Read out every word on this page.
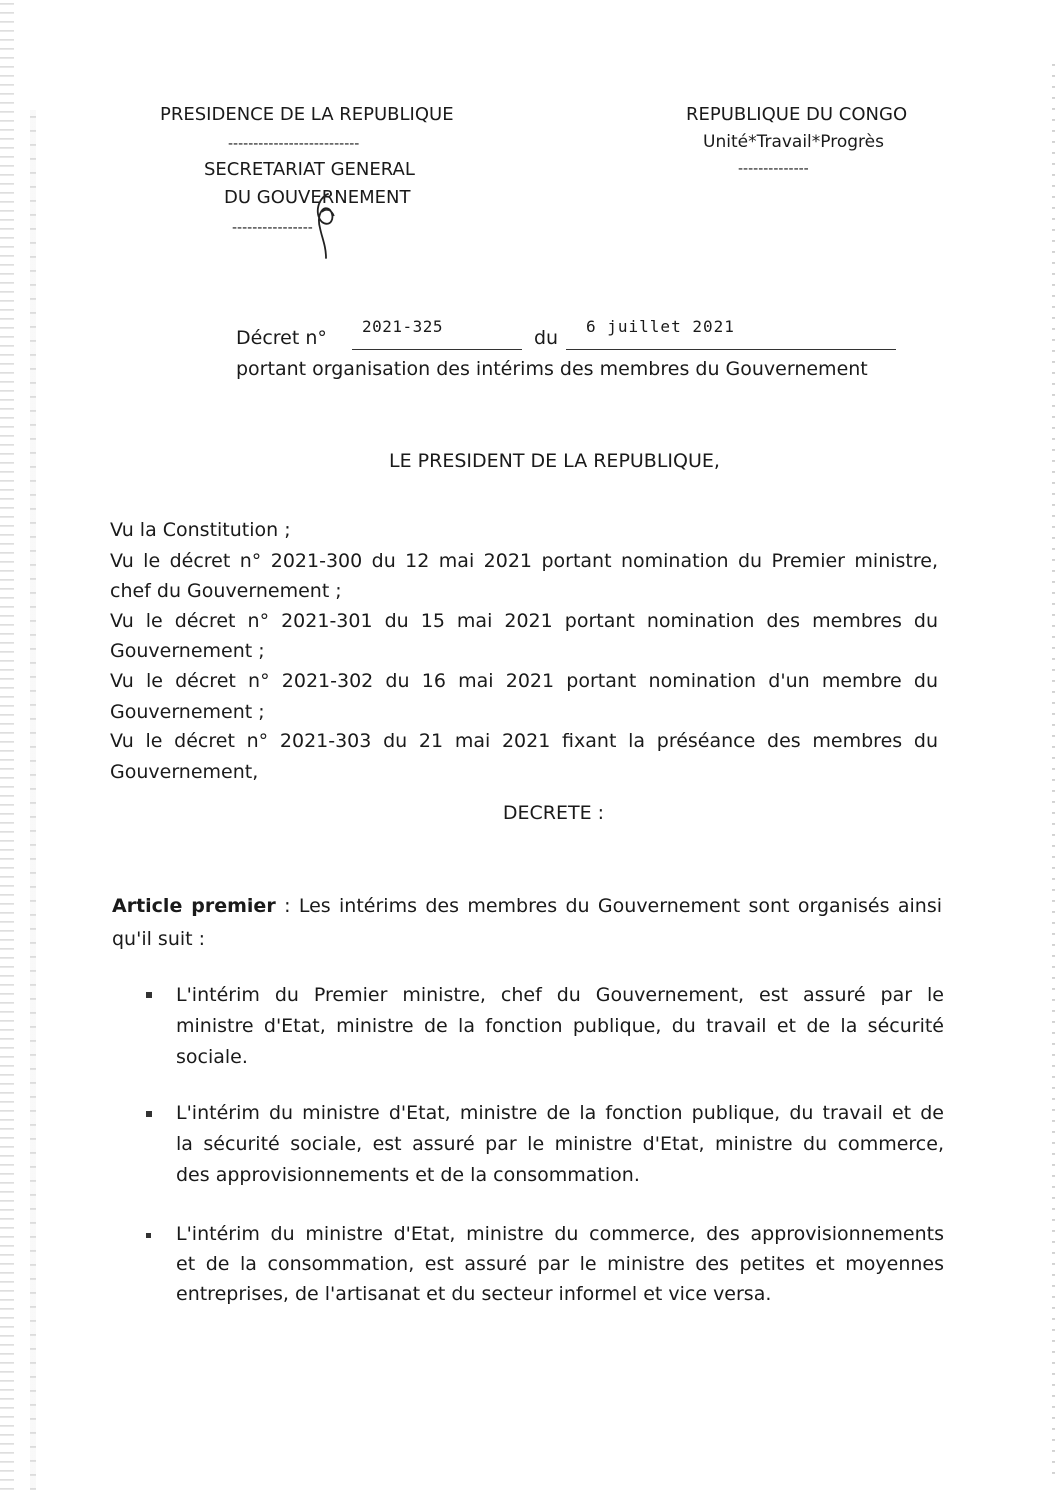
PRESIDENCE DE LA REPUBLIQUE
--------------------------
SECRETARIAT GENERAL
DU GOUVERNEMENT
----------------
REPUBLIQUE DU CONGO
Unité*Travail*Progrès
--------------
Décret n°
2021-325
du
6 juillet 2021
portant organisation des intérims des membres du Gouvernement
LE PRESIDENT DE LA REPUBLIQUE,
Vu la Constitution ;
Vu le décret n° 2021-300 du 12 mai 2021 portant nomination du Premier ministre,
chef du Gouvernement ;
Vu le décret n° 2021-301 du 15 mai 2021 portant nomination des membres du
Gouvernement ;
Vu le décret n° 2021-302 du 16 mai 2021 portant nomination d'un membre du
Gouvernement ;
Vu le décret n° 2021-303 du 21 mai 2021 fixant la préséance des membres du
Gouvernement,
DECRETE :
Article premier : Les intérims des membres du Gouvernement sont organisés ainsi
qu'il suit :
L'intérim du Premier ministre, chef du Gouvernement, est assuré par le
ministre d'Etat, ministre de la fonction publique, du travail et de la sécurité
sociale.
L'intérim du ministre d'Etat, ministre de la fonction publique, du travail et de
la sécurité sociale, est assuré par le ministre d'Etat, ministre du commerce,
des approvisionnements et de la consommation.
L'intérim du ministre d'Etat, ministre du commerce, des approvisionnements
et de la consommation, est assuré par le ministre des petites et moyennes
entreprises, de l'artisanat et du secteur informel et vice versa.
